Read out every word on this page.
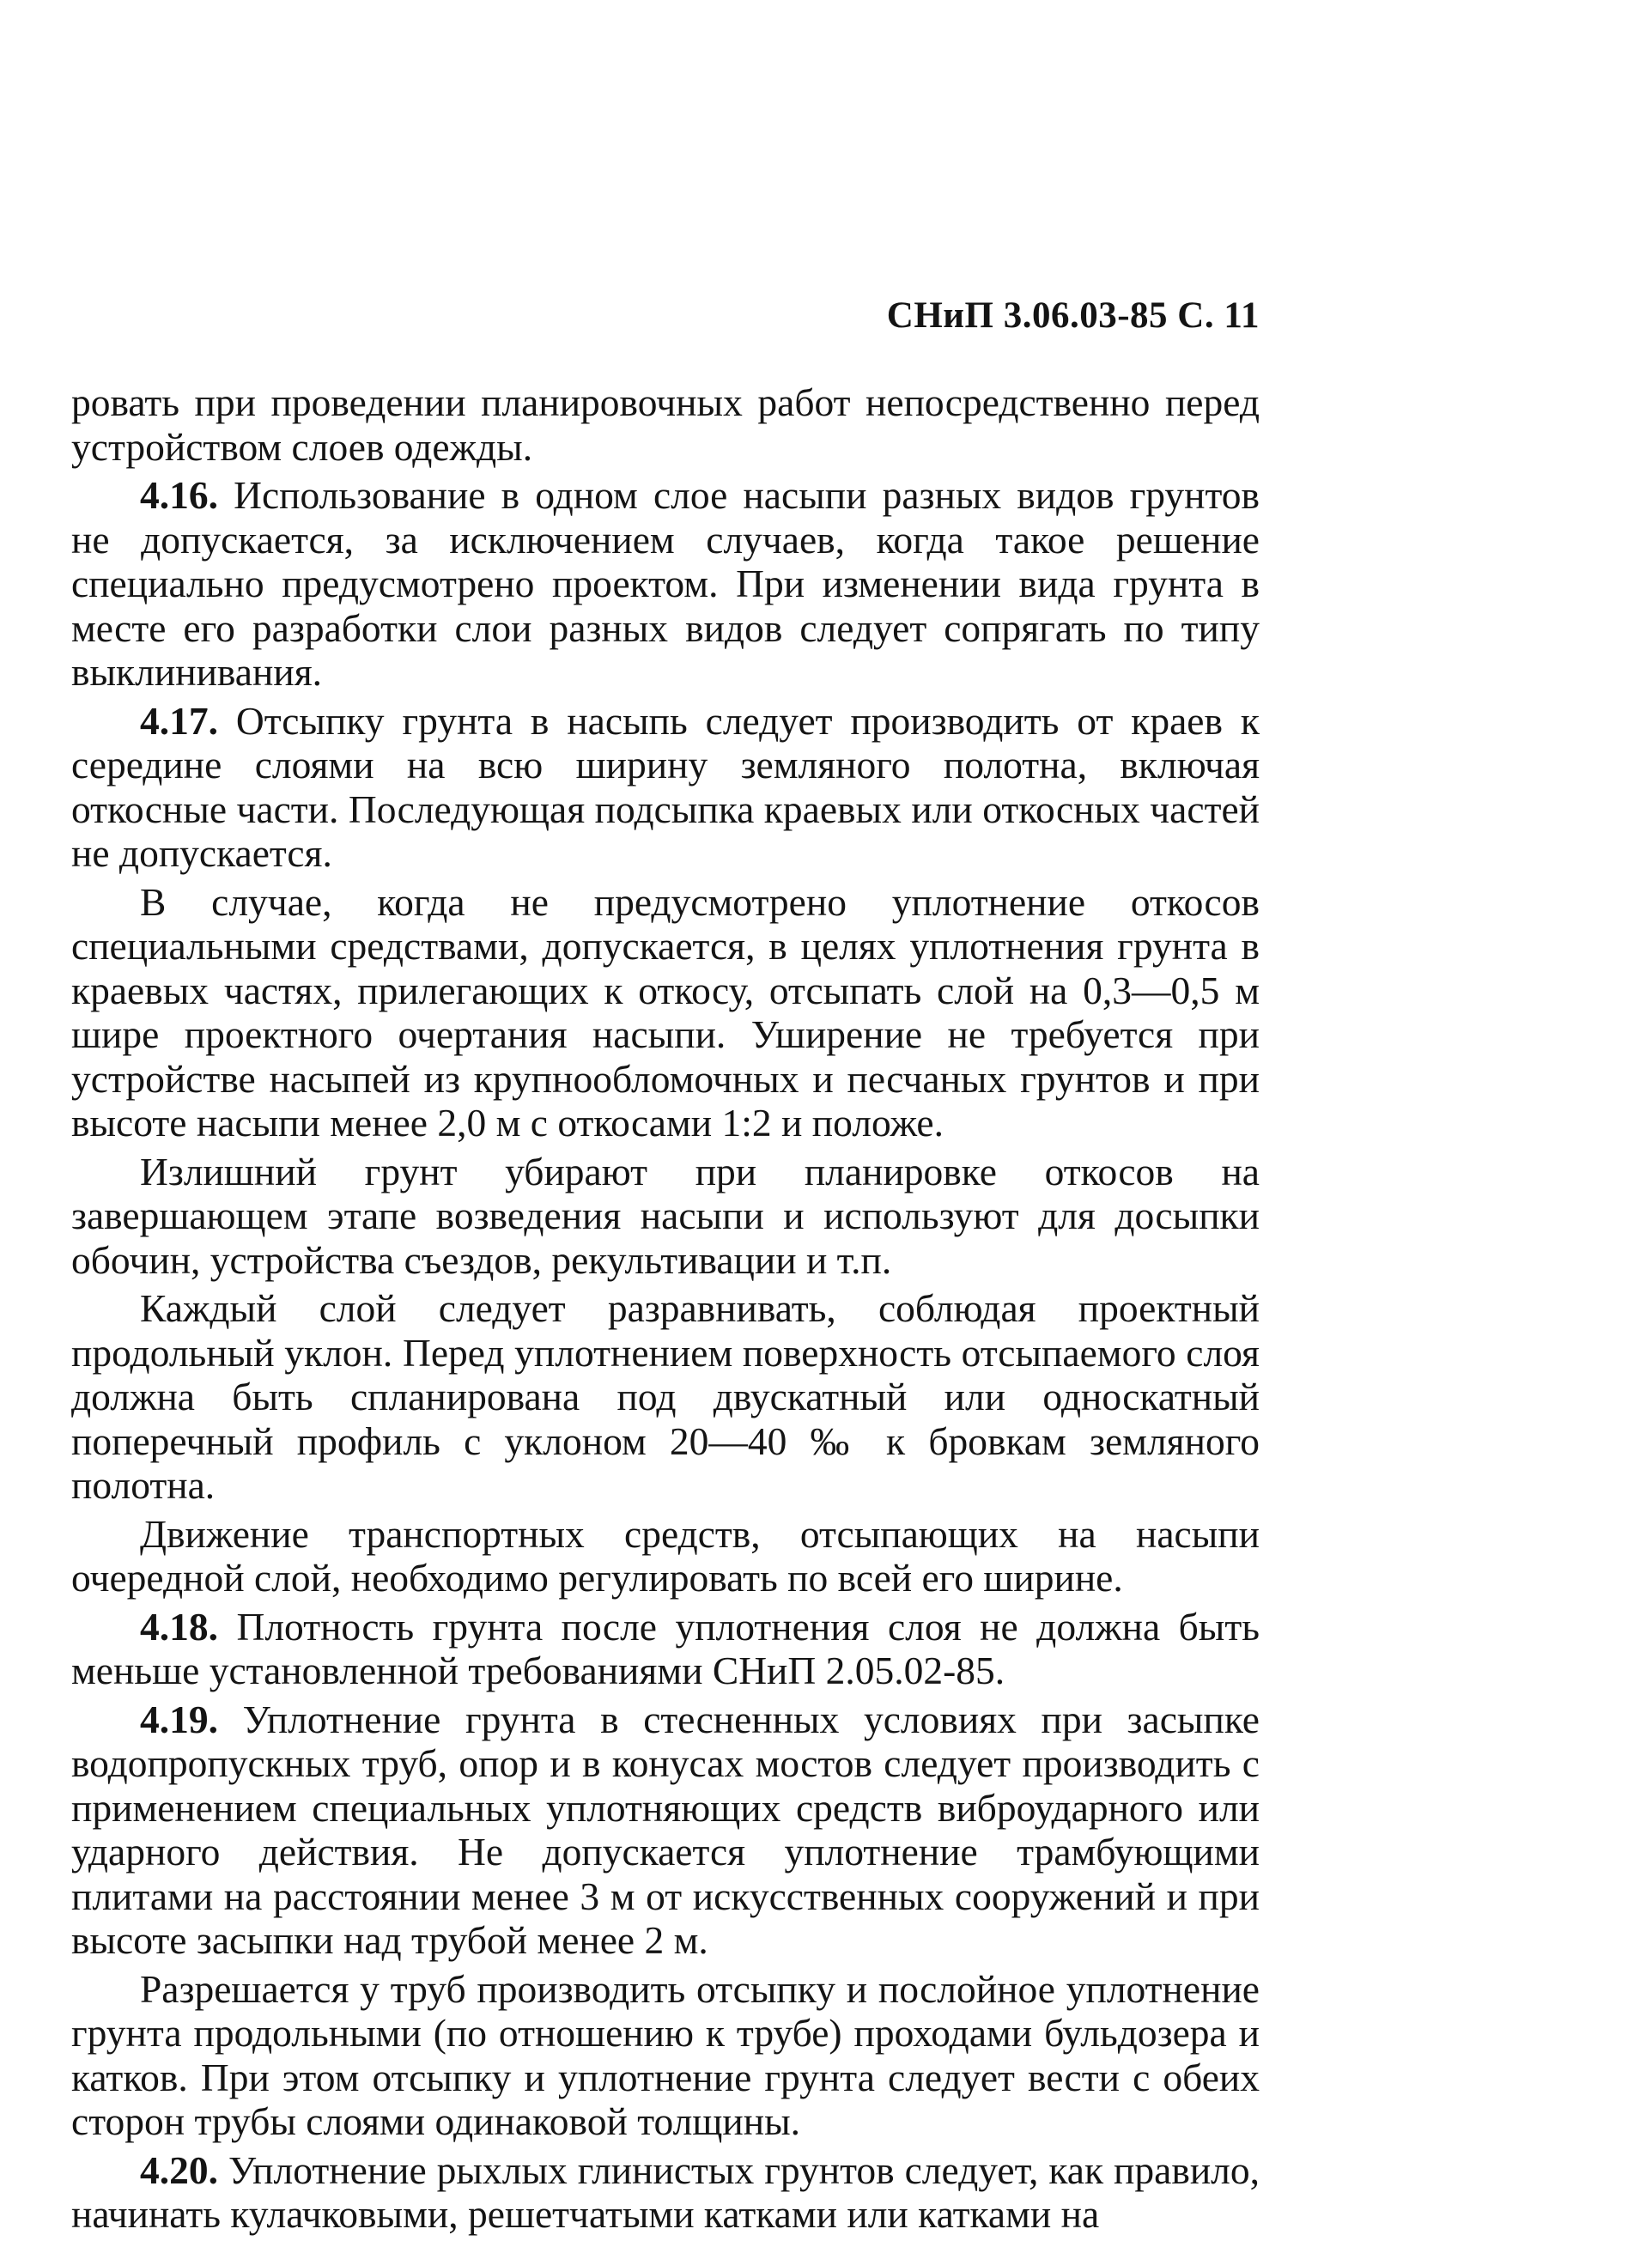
СНиП 3.06.03-85 С. 11

ровать при проведении планировочных работ непосредственно перед устройством слоев одежды.

4.16. Использование в одном слое насыпи разных видов грунтов не допускается, за исключением случаев, когда такое решение специально предусмотрено проектом. При изменении вида грунта в месте его разработки слои разных видов следует сопрягать по типу выклинивания.

4.17. Отсыпку грунта в насыпь следует производить от краев к середине слоями на всю ширину земляного полотна, включая откосные части. Последующая подсыпка краевых или откосных частей не допускается.

В случае, когда не предусмотрено уплотнение откосов специальными средствами, допускается, в целях уплотнения грунта в краевых частях, прилегающих к откосу, отсыпать слой на 0,3—0,5 м шире проектного очертания насыпи. Уширение не требуется при устройстве насыпей из крупнообломочных и песчаных грунтов и при высоте насыпи менее 2,0 м с откосами 1:2 и положе.

Излишний грунт убирают при планировке откосов на завершающем этапе возведения насыпи и используют для досыпки обочин, устройства съездов, рекультивации и т.п.

Каждый слой следует разравнивать, соблюдая проектный продольный уклон. Перед уплотнением поверхность отсыпаемого слоя должна быть спланирована под двускатный или односкатный поперечный профиль с уклоном 20—40 ‰ к бровкам земляного полотна.

Движение транспортных средств, отсыпающих на насыпи очередной слой, необходимо регулировать по всей его ширине.

4.18. Плотность грунта после уплотнения слоя не должна быть меньше установленной требованиями СНиП 2.05.02-85.

4.19. Уплотнение грунта в стесненных условиях при засыпке водопропускных труб, опор и в конусах мостов следует производить с применением специальных уплотняющих средств виброударного или ударного действия. Не допускается уплотнение трамбующими плитами на расстоянии менее 3 м от искусственных сооружений и при высоте засыпки над трубой менее 2 м.

Разрешается у труб производить отсыпку и послойное уплотнение грунта продольными (по отношению к трубе) проходами бульдозера и катков. При этом отсыпку и уплотнение грунта следует вести с обеих сторон трубы слоями одинаковой толщины.

4.20. Уплотнение рыхлых глинистых грунтов следует, как правило, начинать кулачковыми, решетчатыми катками или катками на
